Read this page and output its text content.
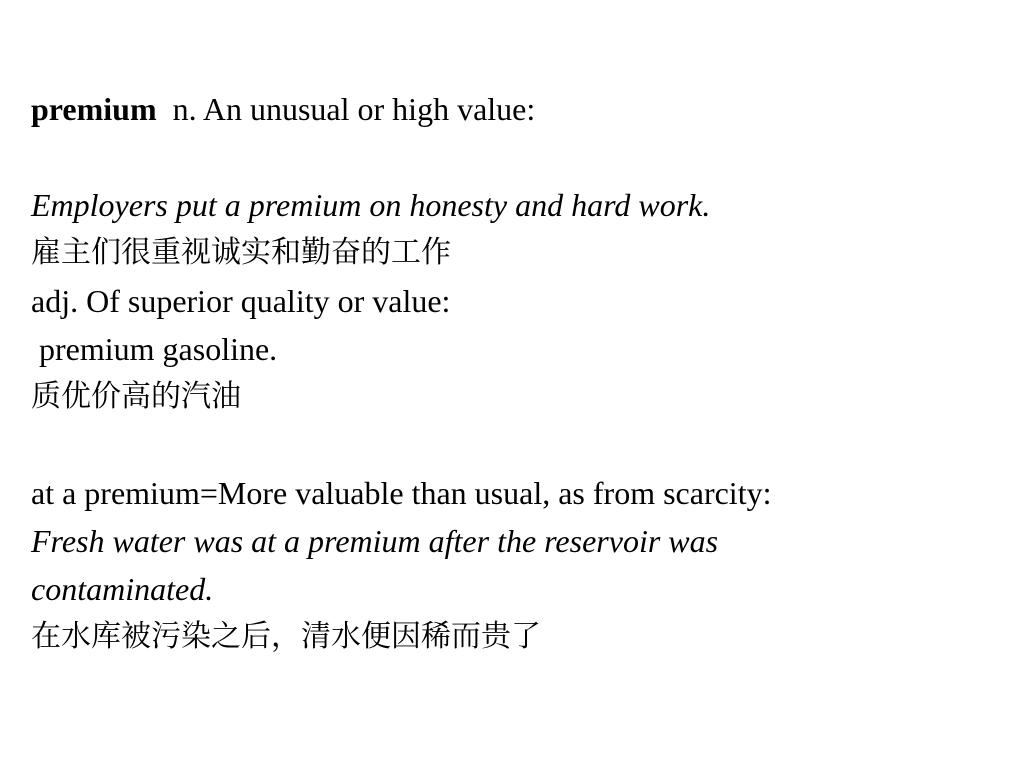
premium n. An unusual or high value:
Employers put a premium on honesty and hard work.
雇主们很重视诚实和勤奋的工作
adj. Of superior quality or value:
premium gasoline.
质优价高的汽油
at a premium=More valuable than usual, as from scarcity:
Fresh water was at a premium after the reservoir was
contaminated.
在水库被污染之后，清水便因稀而贵了
